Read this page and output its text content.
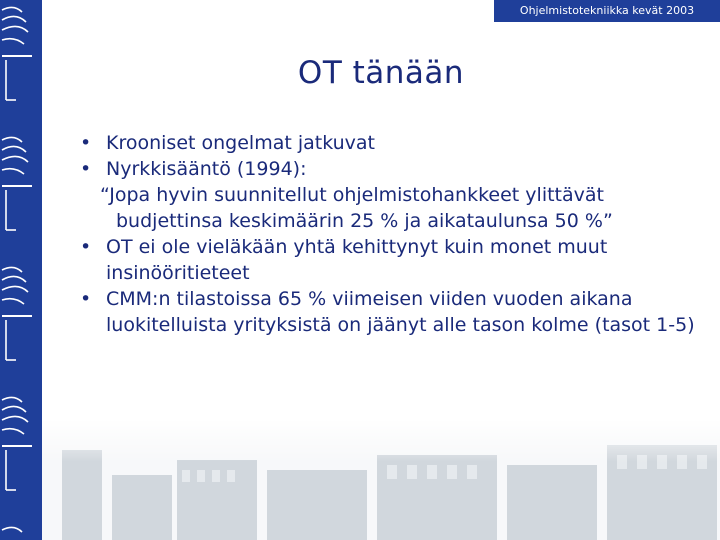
Ohjelmistotekniikka kevät 2003
OT tänään
• Krooniset ongelmat jatkuvat
• Nyrkkisääntö (1994):
“Jopa hyvin suunnitellut ohjelmistohankkeet ylittävät
budjettinsa keskimäärin 25 % ja aikataulunsa 50 %”
• OT ei ole vieläkään yhtä kehittynyt kuin monet muut insinööritieteet
• CMM:n tilastoissa 65 % viimeisen viiden vuoden aikana luokitelluista yrityksistä on jäänyt alle tason kolme (tasot 1-5)
